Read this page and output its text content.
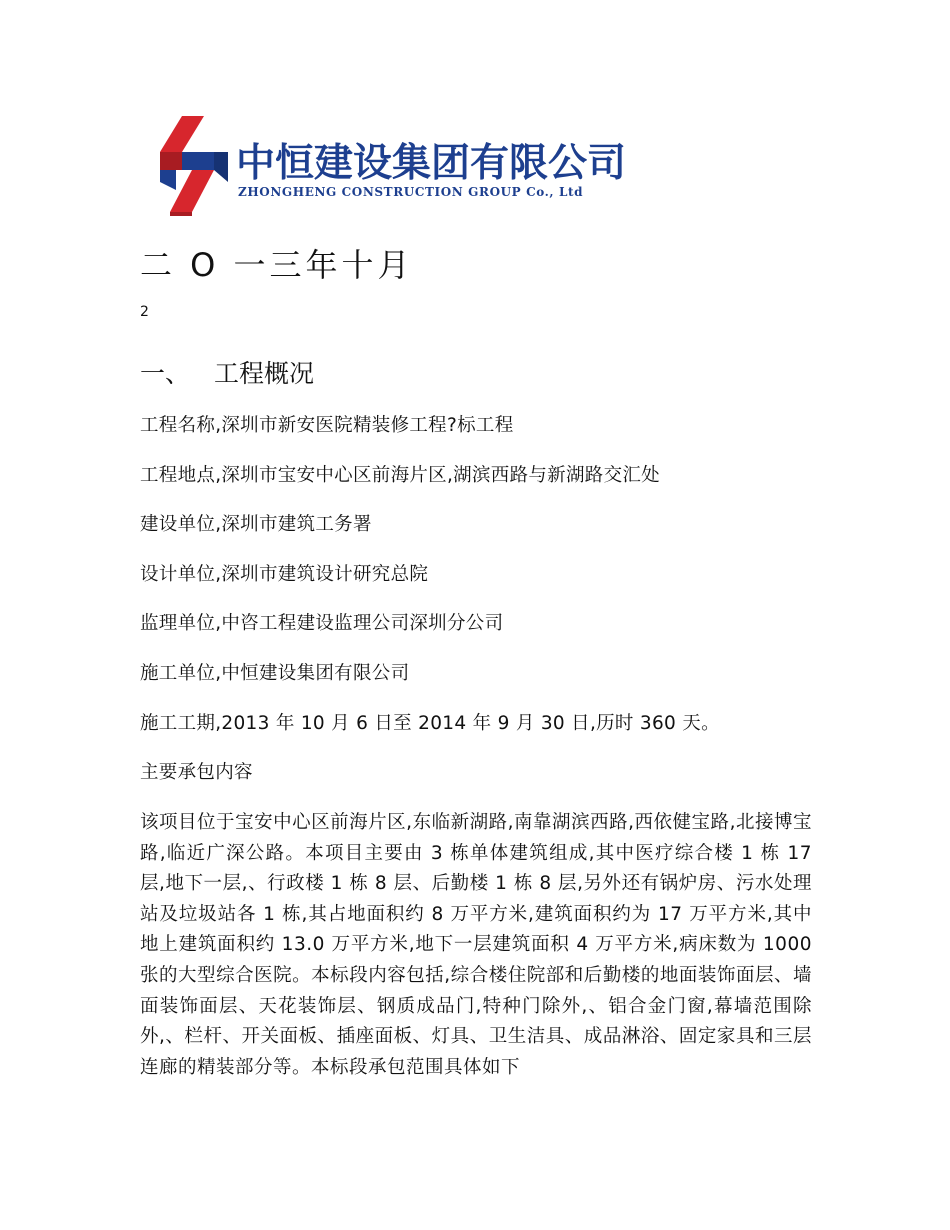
中恒建设集团有限公司
ZHONGHENG CONSTRUCTION GROUP Co., Ltd
二 O 一三年十月
2
一、 工程概况
工程名称,深圳市新安医院精装修工程?标工程
工程地点,深圳市宝安中心区前海片区,湖滨西路与新湖路交汇处
建设单位,深圳市建筑工务署
设计单位,深圳市建筑设计研究总院
监理单位,中咨工程建设监理公司深圳分公司
施工单位,中恒建设集团有限公司
施工工期,2013 年 10 月 6 日至 2014 年 9 月 30 日,历时 360 天。
主要承包内容

该项目位于宝安中心区前海片区,东临新湖路,南靠湖滨西路,西依健宝路,北接博宝路,临近广深公路。本项目主要由 3 栋单体建筑组成,其中医疗综合楼 1 栋 17 层,地下一层,、行政楼 1 栋 8 层、后勤楼 1 栋 8 层,另外还有锅炉房、污水处理站及垃圾站各 1 栋,其占地面积约 8 万平方米,建筑面积约为 17 万平方米,其中地上建筑面积约 13.0 万平方米,地下一层建筑面积 4 万平方米,病床数为 1000 张的大型综合医院。本标段内容包括,综合楼住院部和后勤楼的地面装饰面层、墙面装饰面层、天花装饰层、钢质成品门,特种门除外,、铝合金门窗,幕墙范围除外,、栏杆、开关面板、插座面板、灯具、卫生洁具、成品淋浴、固定家具和三层连廊的精装部分等。本标段承包范围具体如下
